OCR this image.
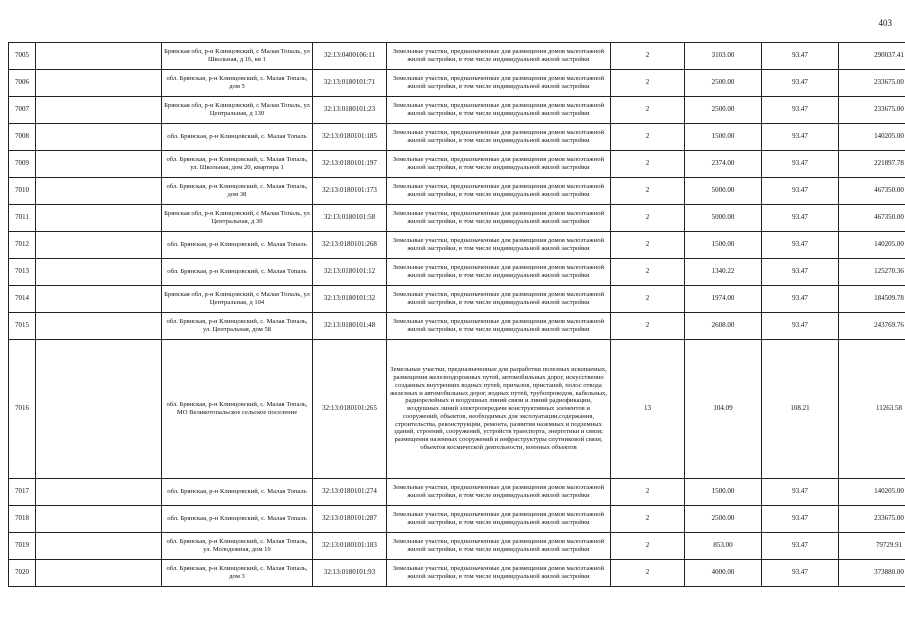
403
7005		Брянская обл, р-н Клинцовский, с Малая Топаль, ул Школьная, д 16, кв 1	32:13:0400106:11	Земельные участки, предназначенные для размещения домов малоэтажной жилой застройки, в том числе индивидуальной жилой застройки	2	3103.00	93.47	290037.41
7006		обл. Брянская, р-н Клинцовский, с. Малая Топаль, дом 5	32:13:0180101:71	Земельные участки, предназначенные для размещения домов малоэтажной жилой застройки, в том числе индивидуальной жилой застройки	2	2500.00	93.47	233675.00
7007		Брянская обл, р-н Клинцовский, с Малая Топаль, ул Центральная, д 130	32:13:0180101:23	Земельные участки, предназначенные для размещения домов малоэтажной жилой застройки, в том числе индивидуальной жилой застройки	2	2500.00	93.47	233675.00
7008		обл. Брянская, р-н Клинцовский, с. Малая Топаль	32:13:0180101:185	Земельные участки, предназначенные для размещения домов малоэтажной жилой застройки, в том числе индивидуальной жилой застройки	2	1500.00	93.47	140205.00
7009		обл. Брянская, р-н Клинцовский, с. Малая Топаль, ул. Школьная, дом 20, квартира 1	32:13:0180101:197	Земельные участки, предназначенные для размещения домов малоэтажной жилой застройки, в том числе индивидуальной жилой застройки	2	2374.00	93.47	221897.78
7010		обл. Брянская, р-н Клинцовский, с. Малая Топаль, дом 38	32:13:0180101:173	Земельные участки, предназначенные для размещения домов малоэтажной жилой застройки, в том числе индивидуальной жилой застройки	2	5000.00	93.47	467350.00
7011		Брянская обл, р-н Клинцовский, с Малая Топаль, ул Центральная, д 30	32:13:0180101:58	Земельные участки, предназначенные для размещения домов малоэтажной жилой застройки, в том числе индивидуальной жилой застройки	2	5000.00	93.47	467350.00
7012		обл. Брянская, р-н Клинцовский, с. Малая Топаль	32:13:0180101:268	Земельные участки, предназначенные для размещения домов малоэтажной жилой застройки, в том числе индивидуальной жилой застройки	2	1500.00	93.47	140205.00
7013		обл. Брянская, р-н Клинцовский, с. Малая Топаль	32:13:0180101:12	Земельные участки, предназначенные для размещения домов малоэтажной жилой застройки, в том числе индивидуальной жилой застройки	2	1340.22	93.47	125270.36
7014		Брянская обл, р-н Клинцовский, с Малая Топаль, ул Центральная, д 104	32:13:0180101:32	Земельные участки, предназначенные для размещения домов малоэтажной жилой застройки, в том числе индивидуальной жилой застройки	2	1974.00	93.47	184509.78
7015		обл. Брянская, р-н Клинцовский, с. Малая Топаль, ул. Центральная, дом 58	32:13:0180101:48	Земельные участки, предназначенные для размещения домов малоэтажной жилой застройки, в том числе индивидуальной жилой застройки	2	2608.00	93.47	243769.76
7016		обл. Брянская, р-н Клинцовский, с. Малая Топаль, МО Великотопальское сельское поселение	32:13:0180101:265	Земельные участки, предназначенные для разработки полезных ископаемых, размещения железнодорожных путей, автомобильных дорог, искусственно созданных внутренних водных путей, причалов, пристаней, полос отвода железных и автомобильных дорог, водных путей, трубопроводов, кабельных, радиорелейных и воздушных линий связи и линий радиофикации, воздушных линий электропередачи конструктивных элементов и сооружений, объектов, необходимых для эксплуатации,содержания, строительства, реконструкции, ремонта, развития наземных и подземных зданий, строений, сооружений, устройств транспорта, энергетики и связи; размещения наземных сооружений и инфраструктуры спутниковой связи, объектов космической деятельности, военных объектов	13	104.09	108.21	11263.58
7017		обл. Брянская, р-н Клинцовский, с. Малая Топаль	32:13:0180101:274	Земельные участки, предназначенные для размещения домов малоэтажной жилой застройки, в том числе индивидуальной жилой застройки	2	1500.00	93.47	140205.00
7018		обл. Брянская, р-н Клинцовский, с. Малая Топаль	32:13:0180101:287	Земельные участки, предназначенные для размещения домов малоэтажной жилой застройки, в том числе индивидуальной жилой застройки	2	2500.00	93.47	233675.00
7019		обл. Брянская, р-н Клинцовский, с. Малая Топаль, ул. Молодежная, дом 19	32:13:0180101:183	Земельные участки, предназначенные для размещения домов малоэтажной жилой застройки, в том числе индивидуальной жилой застройки	2	853.00	93.47	79729.91
7020		обл. Брянская, р-н Клинцовский, с. Малая Топаль, дом 3	32:13:0180101:93	Земельные участки, предназначенные для размещения домов малоэтажной жилой застройки, в том числе индивидуальной жилой застройки	2	4000.00	93.47	373880.00
